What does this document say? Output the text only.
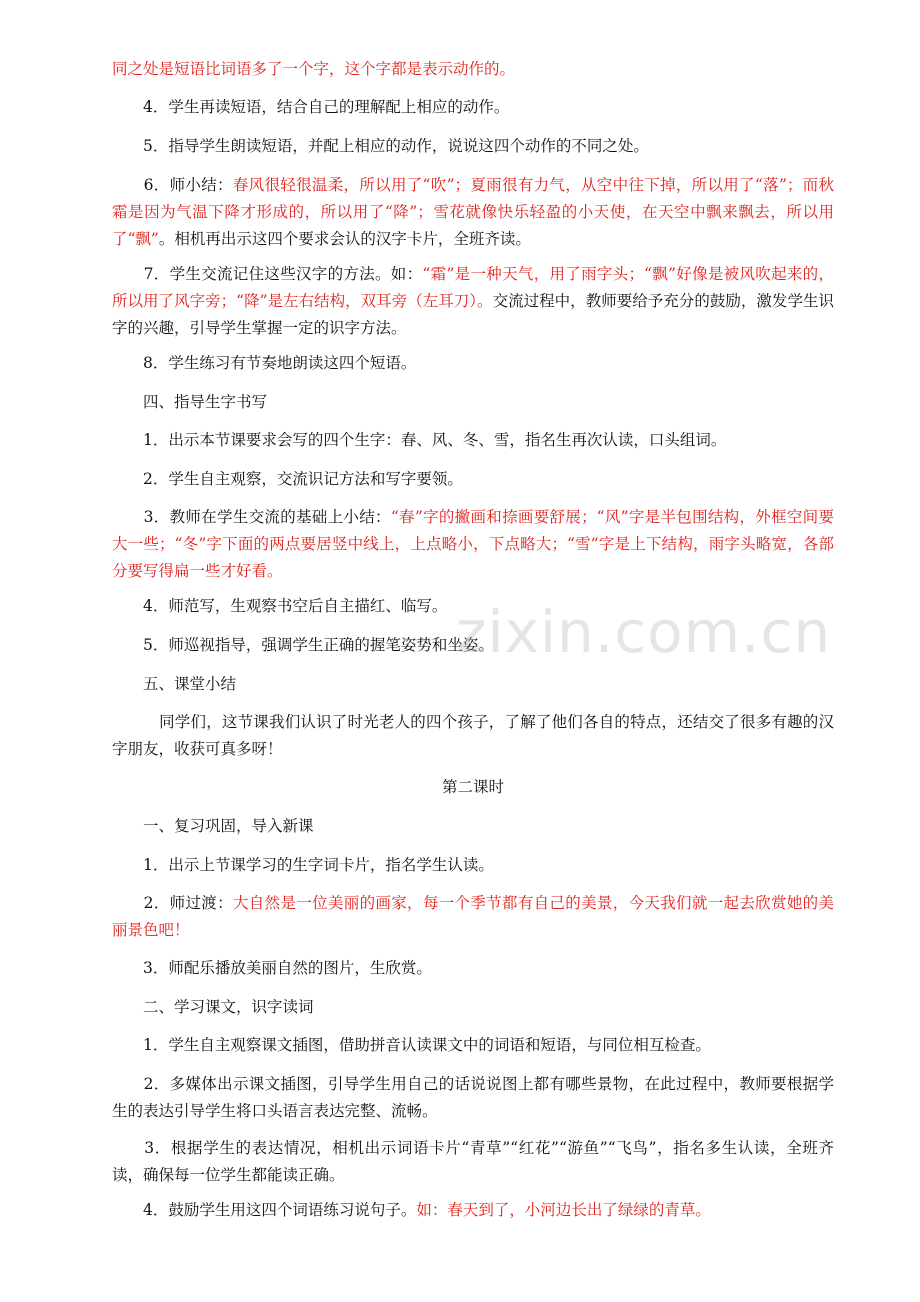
同之处是短语比词语多了一个字，这个字都是表示动作的。

　　4．学生再读短语，结合自己的理解配上相应的动作。

　　5．指导学生朗读短语，并配上相应的动作，说说这四个动作的不同之处。

　　6．师小结：春风很轻很温柔，所以用了“吹”；夏雨很有力气，从空中往下掉，所以用了“落”；而秋霜是因为气温下降才形成的，所以用了“降”；雪花就像快乐轻盈的小天使，在天空中飘来飘去，所以用了“飘”。相机再出示这四个要求会认的汉字卡片，全班齐读。

　　7．学生交流记住这些汉字的方法。如：“霜”是一种天气，用了雨字头；“飘”好像是被风吹起来的，所以用了风字旁；“降”是左右结构，双耳旁（左耳刀）。交流过程中，教师要给予充分的鼓励，激发学生识字的兴趣，引导学生掌握一定的识字方法。

　　8．学生练习有节奏地朗读这四个短语。

　　四、指导生字书写

　　1．出示本节课要求会写的四个生字：春、风、冬、雪，指名生再次认读，口头组词。

　　2．学生自主观察，交流识记方法和写字要领。

　　3．教师在学生交流的基础上小结：“春”字的撇画和捺画要舒展；“风”字是半包围结构，外框空间要大一些；“冬”字下面的两点要居竖中线上，上点略小，下点略大；“雪”字是上下结构，雨字头略宽，各部分要写得扁一些才好看。

　　4．师范写，生观察书空后自主描红、临写。

　　5．师巡视指导，强调学生正确的握笔姿势和坐姿。

　　五、课堂小结

　　　同学们，这节课我们认识了时光老人的四个孩子，了解了他们各自的特点，还结交了很多有趣的汉字朋友，收获可真多呀！

第二课时

　　一、复习巩固，导入新课

　　1．出示上节课学习的生字词卡片，指名学生认读。

　　2．师过渡：大自然是一位美丽的画家，每一个季节都有自己的美景，今天我们就一起去欣赏她的美丽景色吧！

　　3．师配乐播放美丽自然的图片，生欣赏。

　　二、学习课文，识字读词

　　1．学生自主观察课文插图，借助拼音认读课文中的词语和短语，与同位相互检查。

　　2．多媒体出示课文插图，引导学生用自己的话说说图上都有哪些景物，在此过程中，教师要根据学生的表达引导学生将口头语言表达完整、流畅。

　　3．根据学生的表达情况，相机出示词语卡片“青草”“红花”“游鱼”“飞鸟”，指名多生认读，全班齐读，确保每一位学生都能读正确。

　　4．鼓励学生用这四个词语练习说句子。如：春天到了，小河边长出了绿绿的青草。

zixin.com.cn
